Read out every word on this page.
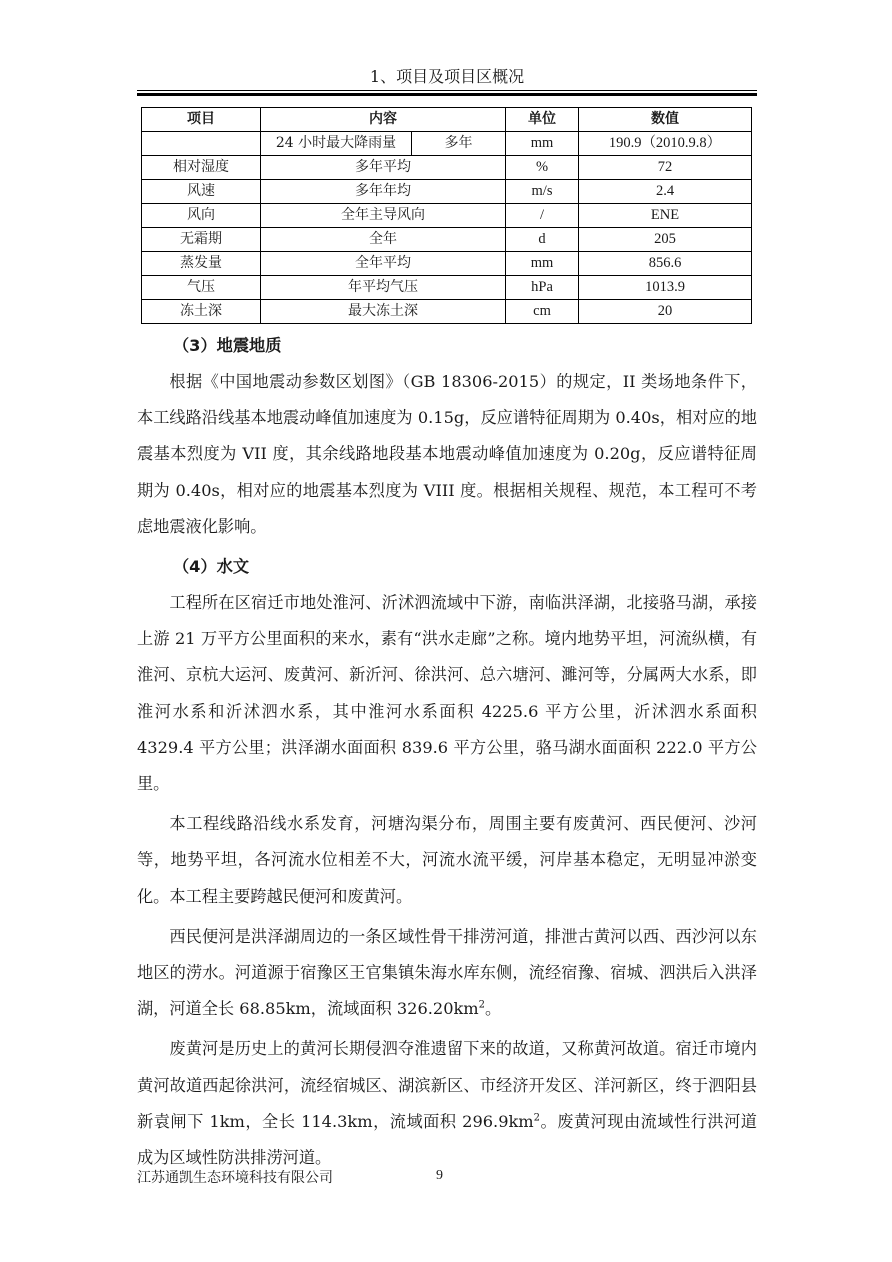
1、项目及项目区概况
项目	内容	单位	数值

	24 小时最大降雨量 多年	mm	190.9（2010.9.8）
相对湿度	多年平均	%	72
风速	多年年均	m/s	2.4
风向	全年主导风向	/	ENE
无霜期	全年	d	205
蒸发量	全年平均	mm	856.6
气压	年平均气压	hPa	1013.9
冻土深	最大冻土深	cm	20
（3）地震地质

根据《中国地震动参数区划图》（GB 18306-2015）的规定，II 类场地条件下，本工线路沿线基本地震动峰值加速度为 0.15g，反应谱特征周期为 0.40s，相对应的地震基本烈度为 VII 度，其余线路地段基本地震动峰值加速度为 0.20g，反应谱特征周期为 0.40s，相对应的地震基本烈度为 VIII 度。根据相关规程、规范，本工程可不考虑地震液化影响。

（4）水文

工程所在区宿迁市地处淮河、沂沭泗流域中下游，南临洪泽湖，北接骆马湖，承接上游 21 万平方公里面积的来水，素有“洪水走廊”之称。境内地势平坦，河流纵横，有淮河、京杭大运河、废黄河、新沂河、徐洪河、总六塘河、濉河等，分属两大水系，即淮河水系和沂沭泗水系，其中淮河水系面积 4225.6 平方公里，沂沭泗水系面积 4329.4 平方公里；洪泽湖水面面积 839.6 平方公里，骆马湖水面面积 222.0 平方公里。

本工程线路沿线水系发育，河塘沟渠分布，周围主要有废黄河、西民便河、沙河等，地势平坦，各河流水位相差不大，河流水流平缓，河岸基本稳定，无明显冲淤变化。本工程主要跨越民便河和废黄河。

西民便河是洪泽湖周边的一条区域性骨干排涝河道，排泄古黄河以西、西沙河以东地区的涝水。河道源于宿豫区王官集镇朱海水库东侧，流经宿豫、宿城、泗洪后入洪泽湖，河道全长 68.85km，流域面积 $326.20km^2$。

废黄河是历史上的黄河长期侵泗夺淮遗留下来的故道，又称黄河故道。宿迁市境内黄河故道西起徐洪河，流经宿城区、湖滨新区、市经济开发区、洋河新区，终于泗阳县新袁闸下 1km，全长 114.3km，流域面积 $296.9km^2$。废黄河现由流域性行洪河道成为区域性防洪排涝河道。

江苏通凯生态环境科技有限公司	9
